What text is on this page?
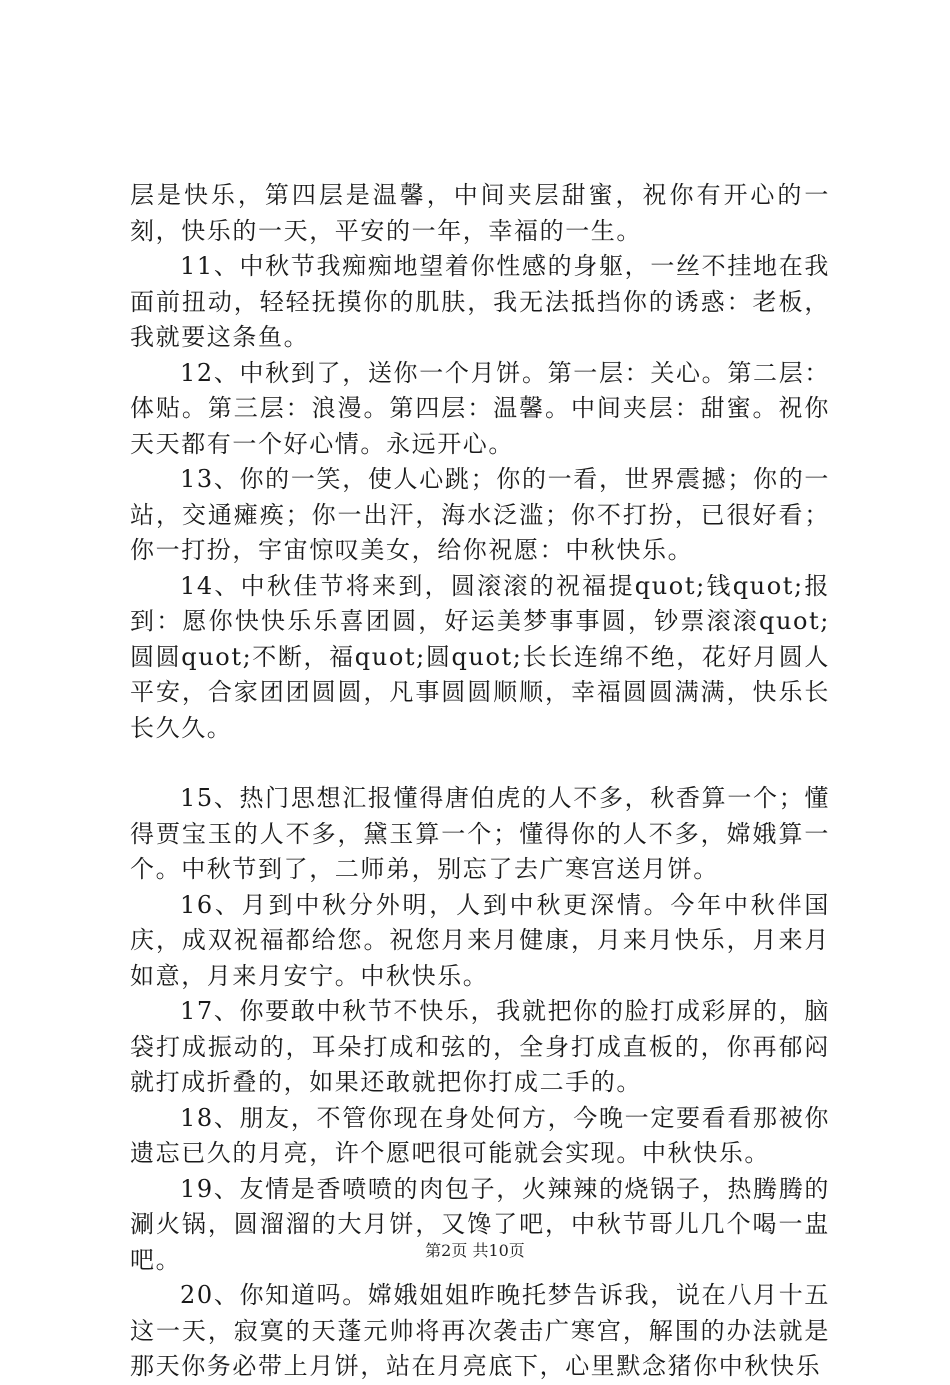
层是快乐，第四层是温馨，中间夹层甜蜜，祝你有开心的一刻，快乐的一天，平安的一年，幸福的一生。

11、中秋节我痴痴地望着你性感的身躯，一丝不挂地在我面前扭动，轻轻抚摸你的肌肤，我无法抵挡你的诱惑：老板，我就要这条鱼。

12、中秋到了，送你一个月饼。第一层：关心。第二层：体贴。第三层：浪漫。第四层：温馨。中间夹层：甜蜜。祝你天天都有一个好心情。永远开心。

13、你的一笑，使人心跳；你的一看，世界震撼；你的一站，交通瘫痪；你一出汗，海水泛滥；你不打扮，已很好看；你一打扮，宇宙惊叹美女，给你祝愿：中秋快乐。

14、中秋佳节将来到，圆滚滚的祝福提quot;钱quot;报到：愿你快快乐乐喜团圆，好运美梦事事圆，钞票滚滚quot;圆圆quot;不断，福quot;圆quot;长长连绵不绝，花好月圆人平安，合家团团圆圆，凡事圆圆顺顺，幸福圆圆满满，快乐长长久久。

15、热门思想汇报懂得唐伯虎的人不多，秋香算一个；懂得贾宝玉的人不多，黛玉算一个；懂得你的人不多，嫦娥算一个。中秋节到了，二师弟，别忘了去广寒宫送月饼。

16、月到中秋分外明，人到中秋更深情。今年中秋伴国庆，成双祝福都给您。祝您月来月健康，月来月快乐，月来月如意，月来月安宁。中秋快乐。

17、你要敢中秋节不快乐，我就把你的脸打成彩屏的，脑袋打成振动的，耳朵打成和弦的，全身打成直板的，你再郁闷就打成折叠的，如果还敢就把你打成二手的。

18、朋友，不管你现在身处何方，今晚一定要看看那被你遗忘已久的月亮，许个愿吧很可能就会实现。中秋快乐。

19、友情是香喷喷的肉包子，火辣辣的烧锅子，热腾腾的涮火锅，圆溜溜的大月饼，又馋了吧，中秋节哥儿几个喝一盅吧。

20、你知道吗。嫦娥姐姐昨晚托梦告诉我，说在八月十五这一天，寂寞的天蓬元帅将再次袭击广寒宫，解围的办法就是那天你务必带上月饼，站在月亮底下，心里默念猪你中秋快乐

第2页 共10页
